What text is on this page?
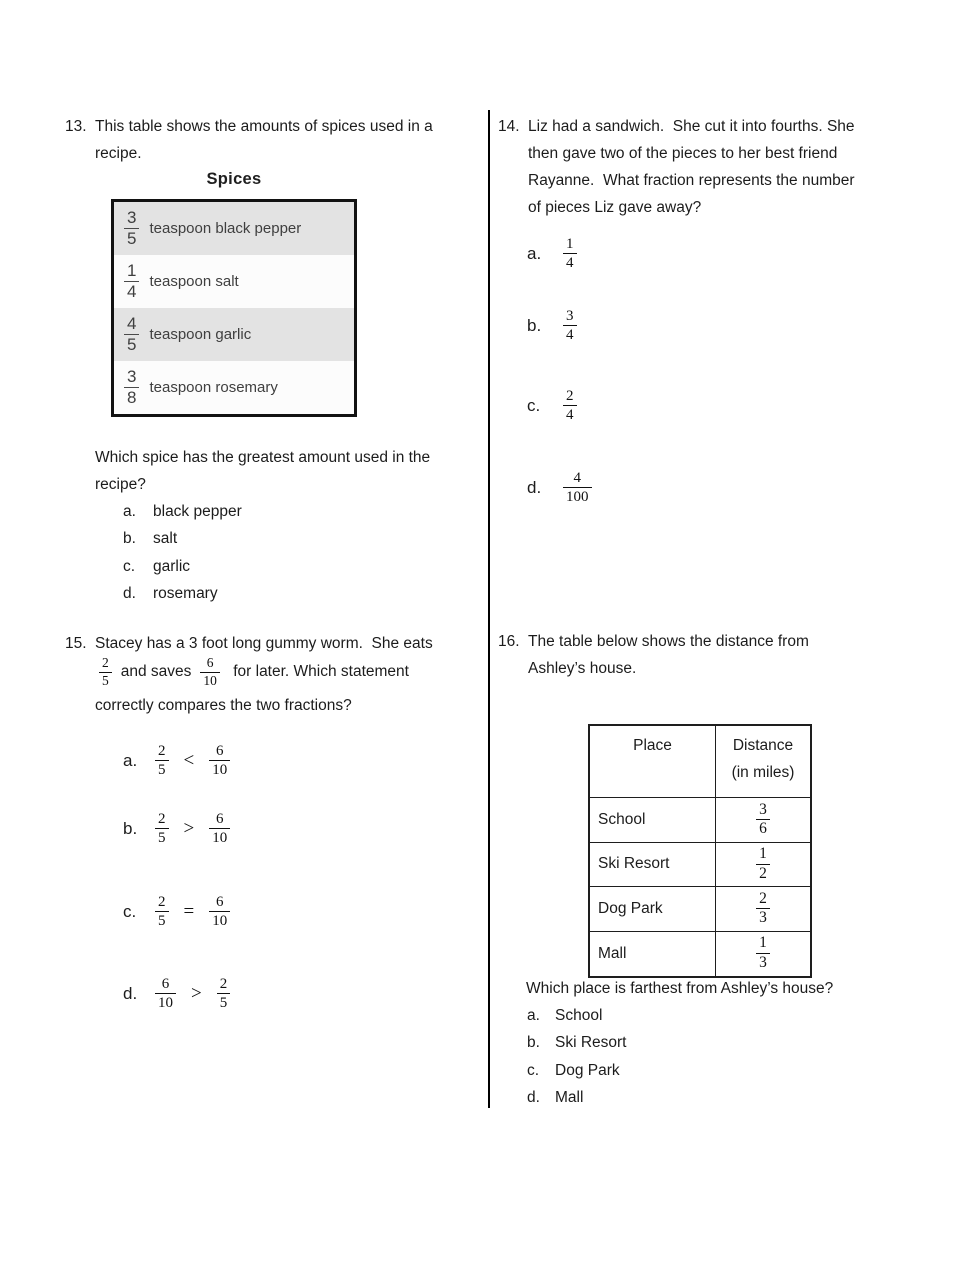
13. This table shows the amounts of spices used in a
recipe.
Spices
$\frac{3}{5}$ teaspoon black pepper
$\frac{1}{4}$ teaspoon salt
$\frac{4}{5}$ teaspoon garlic
$\frac{3}{8}$ teaspoon rosemary
Which spice has the greatest amount used in the
recipe?
a.	black pepper
b.	salt
c.	garlic
d.	rosemary
15. Stacey has a 3 foot long gummy worm.  She eats
$\frac{2}{5}$ and saves $\frac{6}{10}$ for later. Which statement
correctly compares the two fractions?
a.	$\frac{2}{5} < \frac{6}{10}$
b.	$\frac{2}{5} > \frac{6}{10}$
c.	$\frac{2}{5} = \frac{6}{10}$
d.	$\frac{6}{10} > \frac{2}{5}$
14. Liz had a sandwich.  She cut it into fourths. She
then gave two of the pieces to her best friend
Rayanne.  What fraction represents the number
of pieces Liz gave away?
a.	$\frac{1}{4}$
b.	$\frac{3}{4}$
c.	$\frac{2}{4}$
d.	$\frac{4}{100}$
16. The table below shows the distance from
Ashley’s house.
Place	Distance
(in miles)
School	$\frac{3}{6}$
Ski Resort	$\frac{1}{2}$
Dog Park	$\frac{2}{3}$
Mall	$\frac{1}{3}$
Which place is farthest from Ashley’s house?
a. School
b. Ski Resort
c.	Dog Park
d. Mall
